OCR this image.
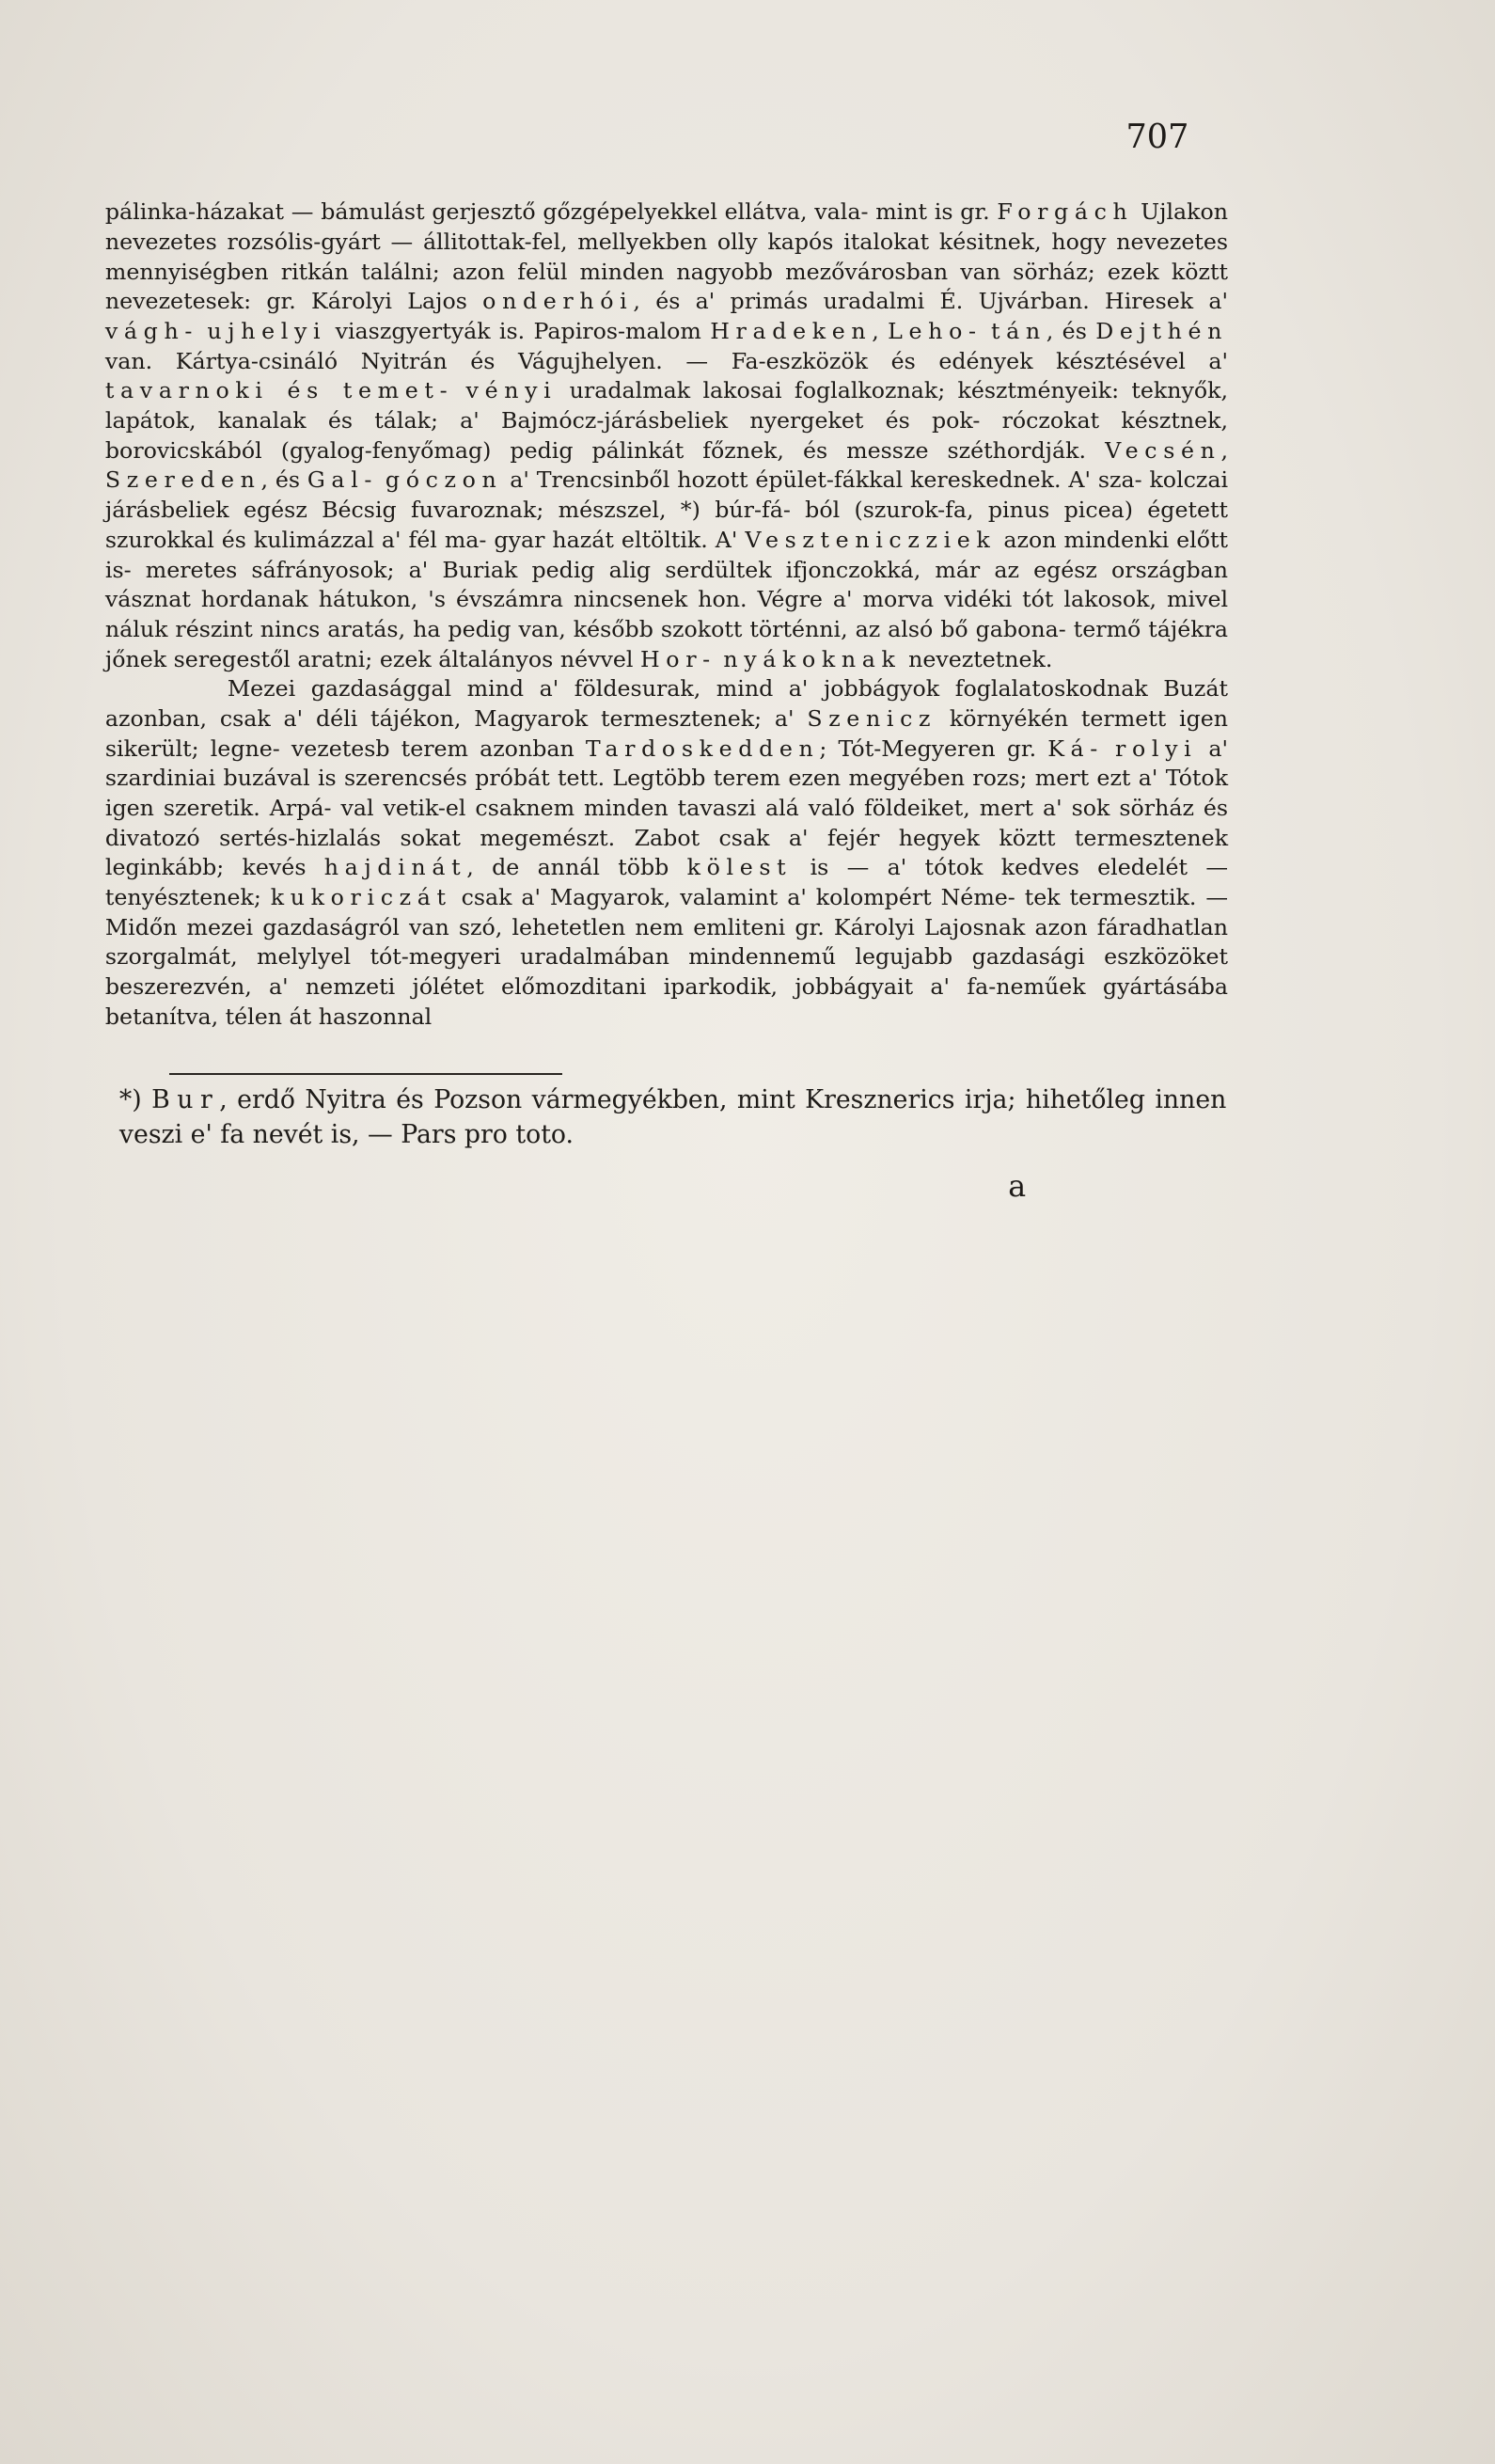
707

pálinka-házakat — bámulást gerjesztő gőzgépelyekkel ellátva, vala- mint is gr. Forgách Ujlakon nevezetes rozsólis-gyárt — állitottak-fel, mellyekben olly kapós italokat késitnek, hogy nevezetes mennyiségben ritkán találni; azon felül minden nagyobb mezővárosban van sörház; ezek köztt nevezetesek: gr. Károlyi Lajos onderhói, és a' primás uradalmi É. Ujvárban. Hiresek a' vágh- ujhelyi viaszgyertyák is. Papiros-malom Hradeken, Leho- tán, és Dejthén van. Kártya-csináló Nyitrán és Vágujhelyen. — Fa-eszközök és edények késztésével a' tavarnoki és temet- vényi uradalmak lakosai foglalkoznak; késztményeik: teknyők, lapátok, kanalak és tálak; a' Bajmócz-járásbeliek nyergeket és pok- róczokat késztnek, borovicskából (gyalog-fenyőmag) pedig pálinkát főznek, és messze széthordják. Vecsén, Szereden, és Gal- góczon a' Trencsinből hozott épület-fákkal kereskednek. A' sza- kolczai járásbeliek egész Bécsig fuvaroznak; mészszel, *) búr-fá- ból (szurok-fa, pinus picea) égetett szurokkal és kulimázzal a' fél ma- gyar hazát eltöltik. A' Veszteniczziek azon mindenki előtt is- meretes sáfrányosok; a' Buriak pedig alig serdültek ifjonczokká, már az egész országban vásznat hordanak hátukon, 's évszámra nincsenek hon. Végre a' morva vidéki tót lakosok, mivel náluk részint nincs aratás, ha pedig van, később szokott történni, az alsó bő gabona- termő tájékra jőnek seregestől aratni; ezek általányos névvel Hor- nyákoknak neveztetnek.

Mezei gazdasággal mind a' földesurak, mind a' jobbágyok foglalatoskodnak Buzát azonban, csak a' déli tájékon, Magyarok termesztenek; a' Szenicz környékén termett igen sikerült; legne- vezetesb terem azonban Tardoskedden; Tót-Megyeren gr. Ká- rolyi a' szardiniai buzával is szerencsés próbát tett. Legtöbb terem ezen megyében rozs; mert ezt a' Tótok igen szeretik. Arpá- val vetik-el csaknem minden tavaszi alá való földeiket, mert a' sok sörház és divatozó sertés-hizlalás sokat megemészt. Zabot csak a' fejér hegyek köztt termesztenek leginkább; kevés hajdinát, de annál több kölest is — a' tótok kedves eledelét — tenyésztenek; kukoriczát csak a' Magyarok, valamint a' kolompért Néme- tek termesztik. — Midőn mezei gazdaságról van szó, lehetetlen nem emliteni gr. Károlyi Lajosnak azon fáradhatlan szorgalmát, melylyel tót-megyeri uradalmában mindennemű legujabb gazdasági eszközöket beszerezvén, a' nemzeti jólétet előmozditani iparkodik, jobbágyait a' fa-neműek gyártásába betanítva, télen át haszonnal

*) Bur, erdő Nyitra és Pozson vármegyékben, mint Kresznerics irja; hihetőleg innen veszi e' fa nevét is, — Pars pro toto.

a
